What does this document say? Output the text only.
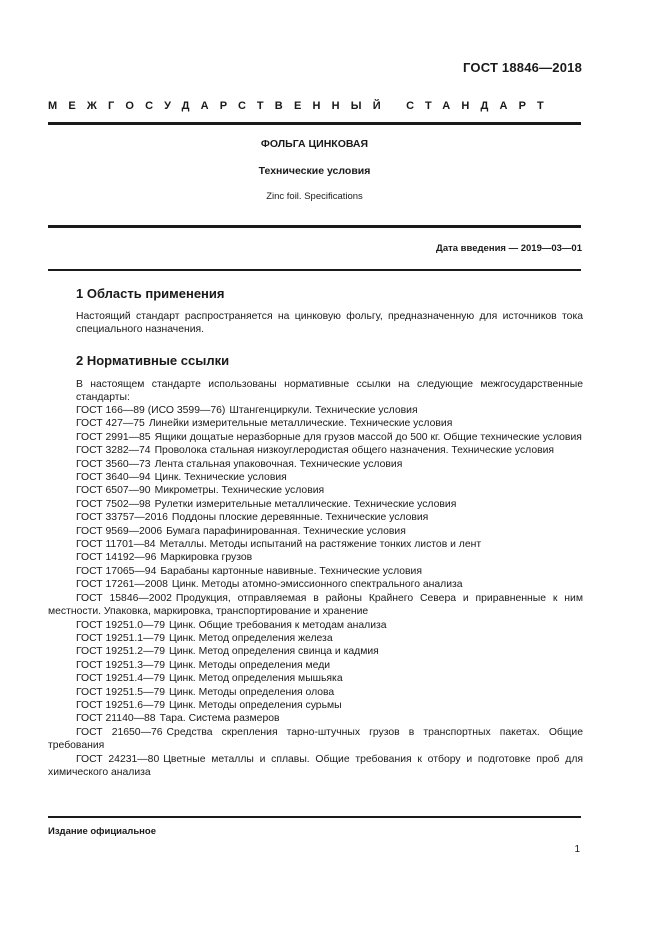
ГОСТ 18846—2018
МЕЖГОСУДАРСТВЕННЫЙ СТАНДАРТ
ФОЛЬГА ЦИНКОВАЯ
Технические условия
Zinc foil. Specifications
Дата введения — 2019—03—01
1 Область применения
Настоящий стандарт распространяется на цинковую фольгу, предназначенную для источников тока специального назначения.
2 Нормативные ссылки
В настоящем стандарте использованы нормативные ссылки на следующие межгосударственные стандарты:
ГОСТ 166—89 (ИСО 3599—76) Штангенциркули. Технические условия
ГОСТ 427—75 Линейки измерительные металлические. Технические условия
ГОСТ 2991—85 Ящики дощатые неразборные для грузов массой до 500 кг. Общие технические условия
ГОСТ 3282—74 Проволока стальная низкоуглеродистая общего назначения. Технические условия
ГОСТ 3560—73 Лента стальная упаковочная. Технические условия
ГОСТ 3640—94 Цинк. Технические условия
ГОСТ 6507—90 Микрометры. Технические условия
ГОСТ 7502—98 Рулетки измерительные металлические. Технические условия
ГОСТ 33757—2016 Поддоны плоские деревянные. Технические условия
ГОСТ 9569—2006 Бумага парафинированная. Технические условия
ГОСТ 11701—84 Металлы. Методы испытаний на растяжение тонких листов и лент
ГОСТ 14192—96 Маркировка грузов
ГОСТ 17065—94 Барабаны картонные навивные. Технические условия
ГОСТ 17261—2008 Цинк. Методы атомно-эмиссионного спектрального анализа
ГОСТ 15846—2002 Продукция, отправляемая в районы Крайнего Севера и приравненные к ним местности. Упаковка, маркировка, транспортирование и хранение
ГОСТ 19251.0—79 Цинк. Общие требования к методам анализа
ГОСТ 19251.1—79 Цинк. Метод определения железа
ГОСТ 19251.2—79 Цинк. Метод определения свинца и кадмия
ГОСТ 19251.3—79 Цинк. Методы определения меди
ГОСТ 19251.4—79 Цинк. Метод определения мышьяка
ГОСТ 19251.5—79 Цинк. Методы определения олова
ГОСТ 19251.6—79 Цинк. Методы определения сурьмы
ГОСТ 21140—88 Тара. Система размеров
ГОСТ 21650—76 Средства скрепления тарно-штучных грузов в транспортных пакетах. Общие требования
ГОСТ 24231—80 Цветные металлы и сплавы. Общие требования к отбору и подготовке проб для химического анализа
Издание официальное
1
